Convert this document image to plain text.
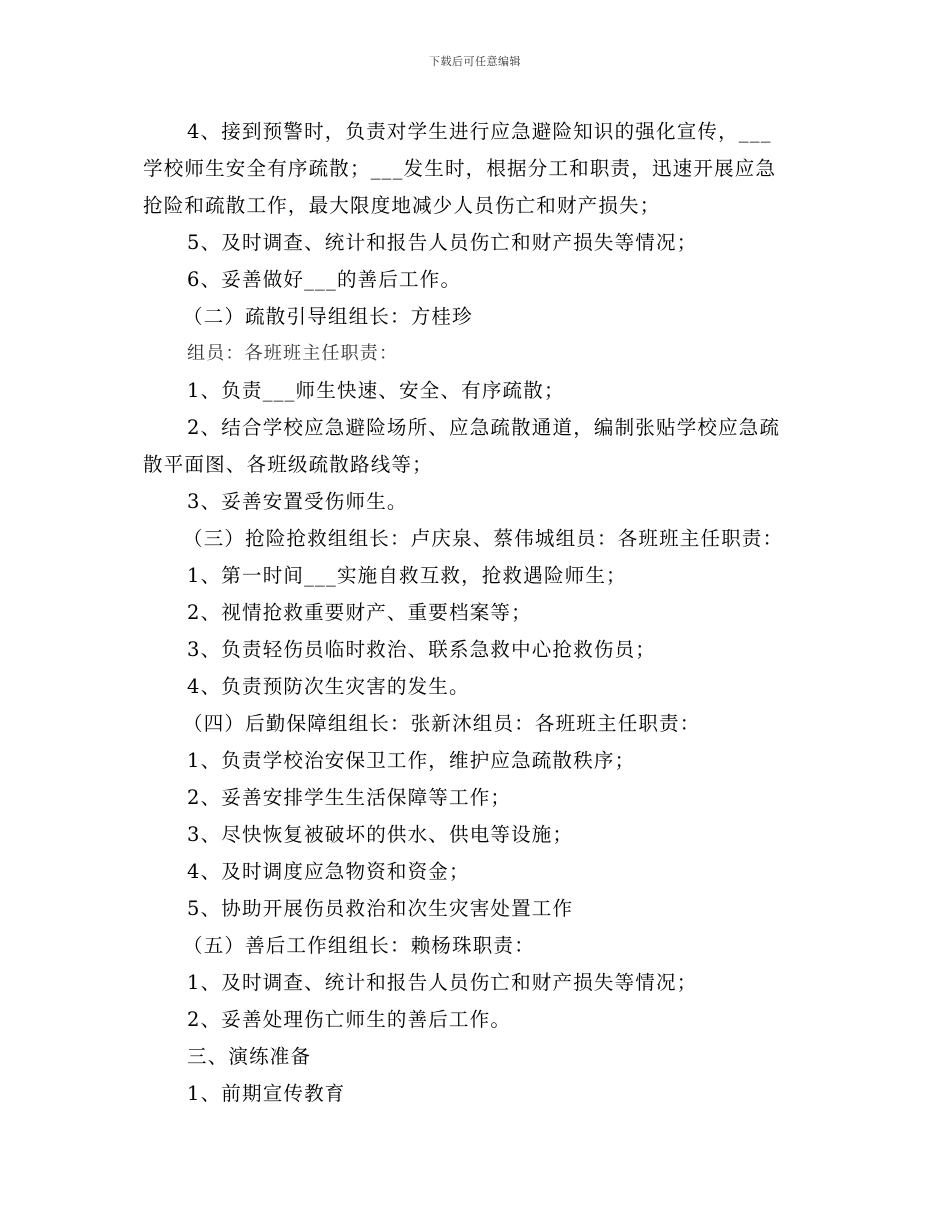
下载后可任意编辑
4、接到预警时，负责对学生进行应急避险知识的强化宣传，___
学校师生安全有序疏散；___发生时，根据分工和职责，迅速开展应急
抢险和疏散工作，最大限度地减少人员伤亡和财产损失；
5、及时调查、统计和报告人员伤亡和财产损失等情况；
6、妥善做好___的善后工作。
（二）疏散引导组组长：方桂珍
组员：各班班主任职责：
1、负责___师生快速、安全、有序疏散；
2、结合学校应急避险场所、应急疏散通道，编制张贴学校应急疏
散平面图、各班级疏散路线等；
3、妥善安置受伤师生。
（三）抢险抢救组组长：卢庆泉、蔡伟城组员：各班班主任职责：
1、第一时间___实施自救互救，抢救遇险师生；
2、视情抢救重要财产、重要档案等；
3、负责轻伤员临时救治、联系急救中心抢救伤员；
4、负责预防次生灾害的发生。
（四）后勤保障组组长：张新沐组员：各班班主任职责：
1、负责学校治安保卫工作，维护应急疏散秩序；
2、妥善安排学生生活保障等工作；
3、尽快恢复被破坏的供水、供电等设施；
4、及时调度应急物资和资金；
5、协助开展伤员救治和次生灾害处置工作
（五）善后工作组组长：赖杨珠职责：
1、及时调查、统计和报告人员伤亡和财产损失等情况；
2、妥善处理伤亡师生的善后工作。
三、演练准备
1、前期宣传教育
